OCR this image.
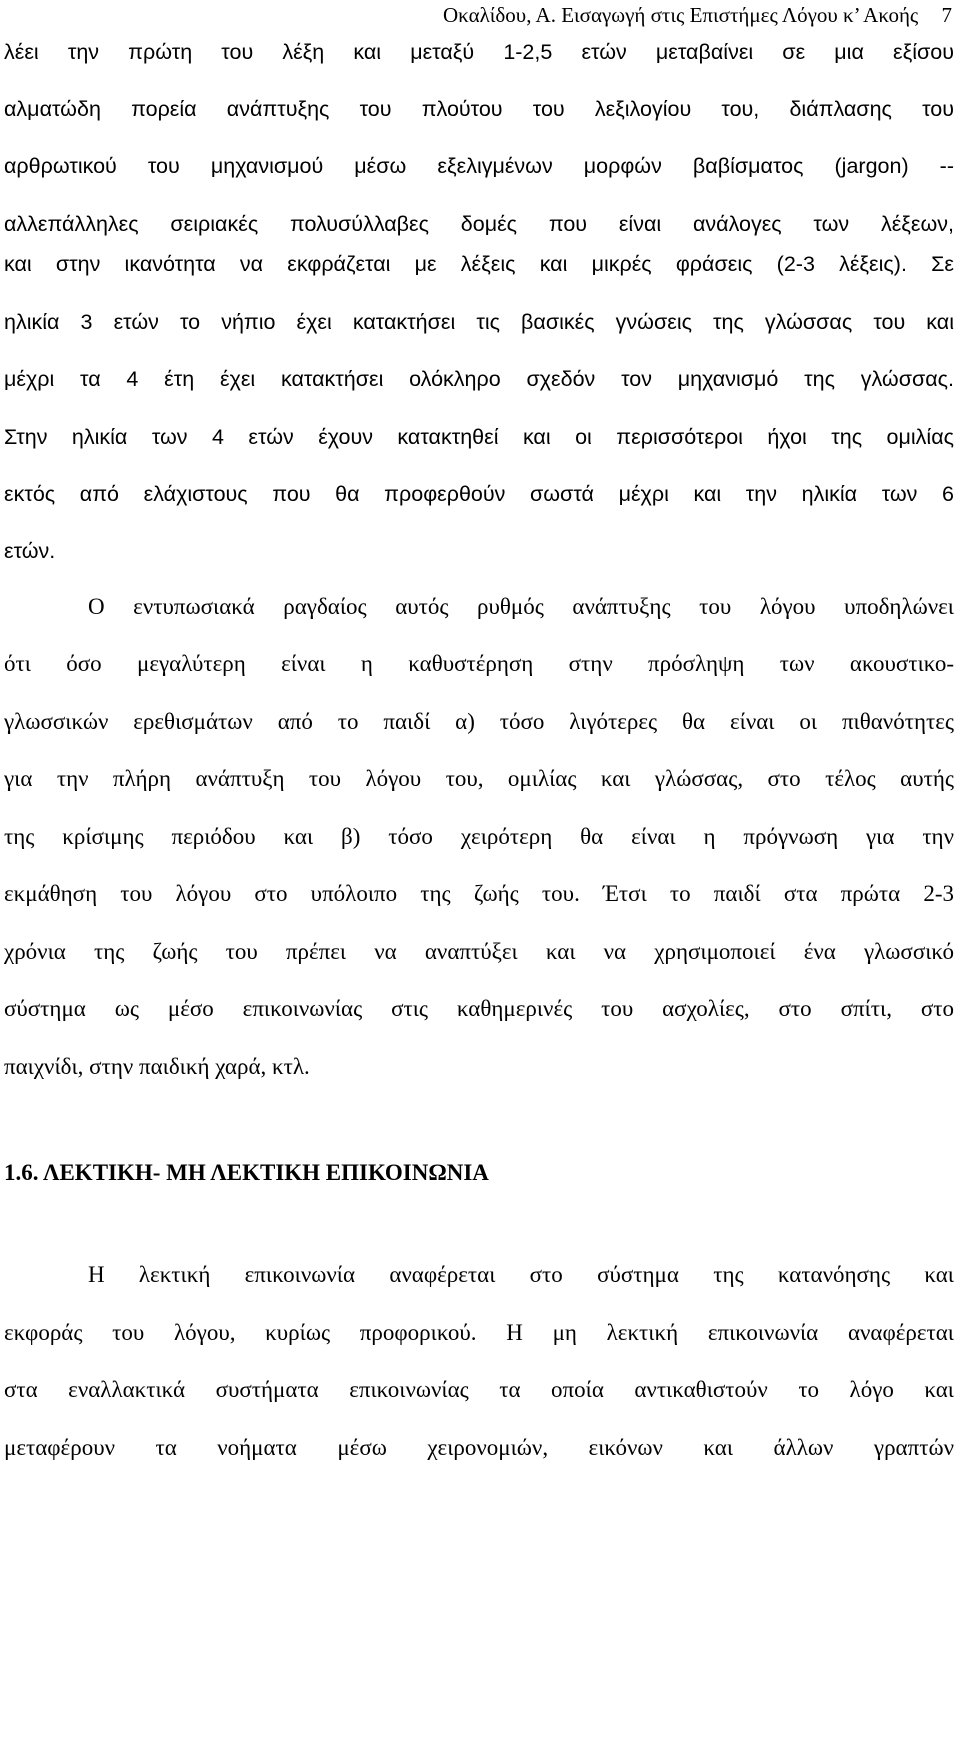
Οκαλίδου, Α. Εισαγωγή στις Επιστήμες Λόγου κ’ Ακοής 7
λέει την πρώτη του λέξη και μεταξύ 1-2,5 ετών μεταβαίνει σε μια εξίσου
αλματώδη πορεία ανάπτυξης του πλούτου του λεξιλογίου του, διάπλασης του
αρθρωτικού του μηχανισμού μέσω εξελιγμένων μορφών βαβίσματος (jargon) --
αλλεπάλληλες σειριακές πολυσύλλαβες δομές που είναι ανάλογες των λέξεων,
και στην ικανότητα να εκφράζεται με λέξεις και μικρές φράσεις (2-3 λέξεις). Σε
ηλικία 3 ετών το νήπιο έχει κατακτήσει τις βασικές γνώσεις της γλώσσας του και
μέχρι τα 4 έτη έχει κατακτήσει ολόκληρο σχεδόν τον μηχανισμό της γλώσσας.
Στην ηλικία των 4 ετών έχουν κατακτηθεί και οι περισσότεροι ήχοι της ομιλίας
εκτός από ελάχιστους που θα προφερθούν σωστά μέχρι και την ηλικία των 6
ετών.
Ο εντυπωσιακά ραγδαίος αυτός ρυθμός ανάπτυξης του λόγου υποδηλώνει
ότι όσο μεγαλύτερη είναι η καθυστέρηση στην πρόσληψη των ακουστικο-
γλωσσικών ερεθισμάτων από το παιδί α) τόσο λιγότερες θα είναι οι πιθανότητες
για την πλήρη ανάπτυξη του λόγου του, ομιλίας και γλώσσας, στο τέλος αυτής
της κρίσιμης περιόδου και β) τόσο χειρότερη θα είναι η πρόγνωση για την
εκμάθηση του λόγου στο υπόλοιπο της ζωής του. Έτσι το παιδί στα πρώτα 2-3
χρόνια της ζωής του πρέπει να αναπτύξει και να χρησιμοποιεί ένα γλωσσικό
σύστημα ως μέσο επικοινωνίας στις καθημερινές του ασχολίες, στο σπίτι, στο
παιχνίδι, στην παιδική χαρά, κτλ.
1.6. ΛΕΚΤΙΚΗ- ΜΗ ΛΕΚΤΙΚΗ ΕΠΙΚΟΙΝΩΝΙΑ
Η λεκτική επικοινωνία αναφέρεται στο σύστημα της κατανόησης και
εκφοράς του λόγου, κυρίως προφορικού. Η μη λεκτική επικοινωνία αναφέρεται
στα εναλλακτικά συστήματα επικοινωνίας τα οποία αντικαθιστούν το λόγο και
μεταφέρουν τα νοήματα μέσω χειρονομιών, εικόνων και άλλων γραπτών
